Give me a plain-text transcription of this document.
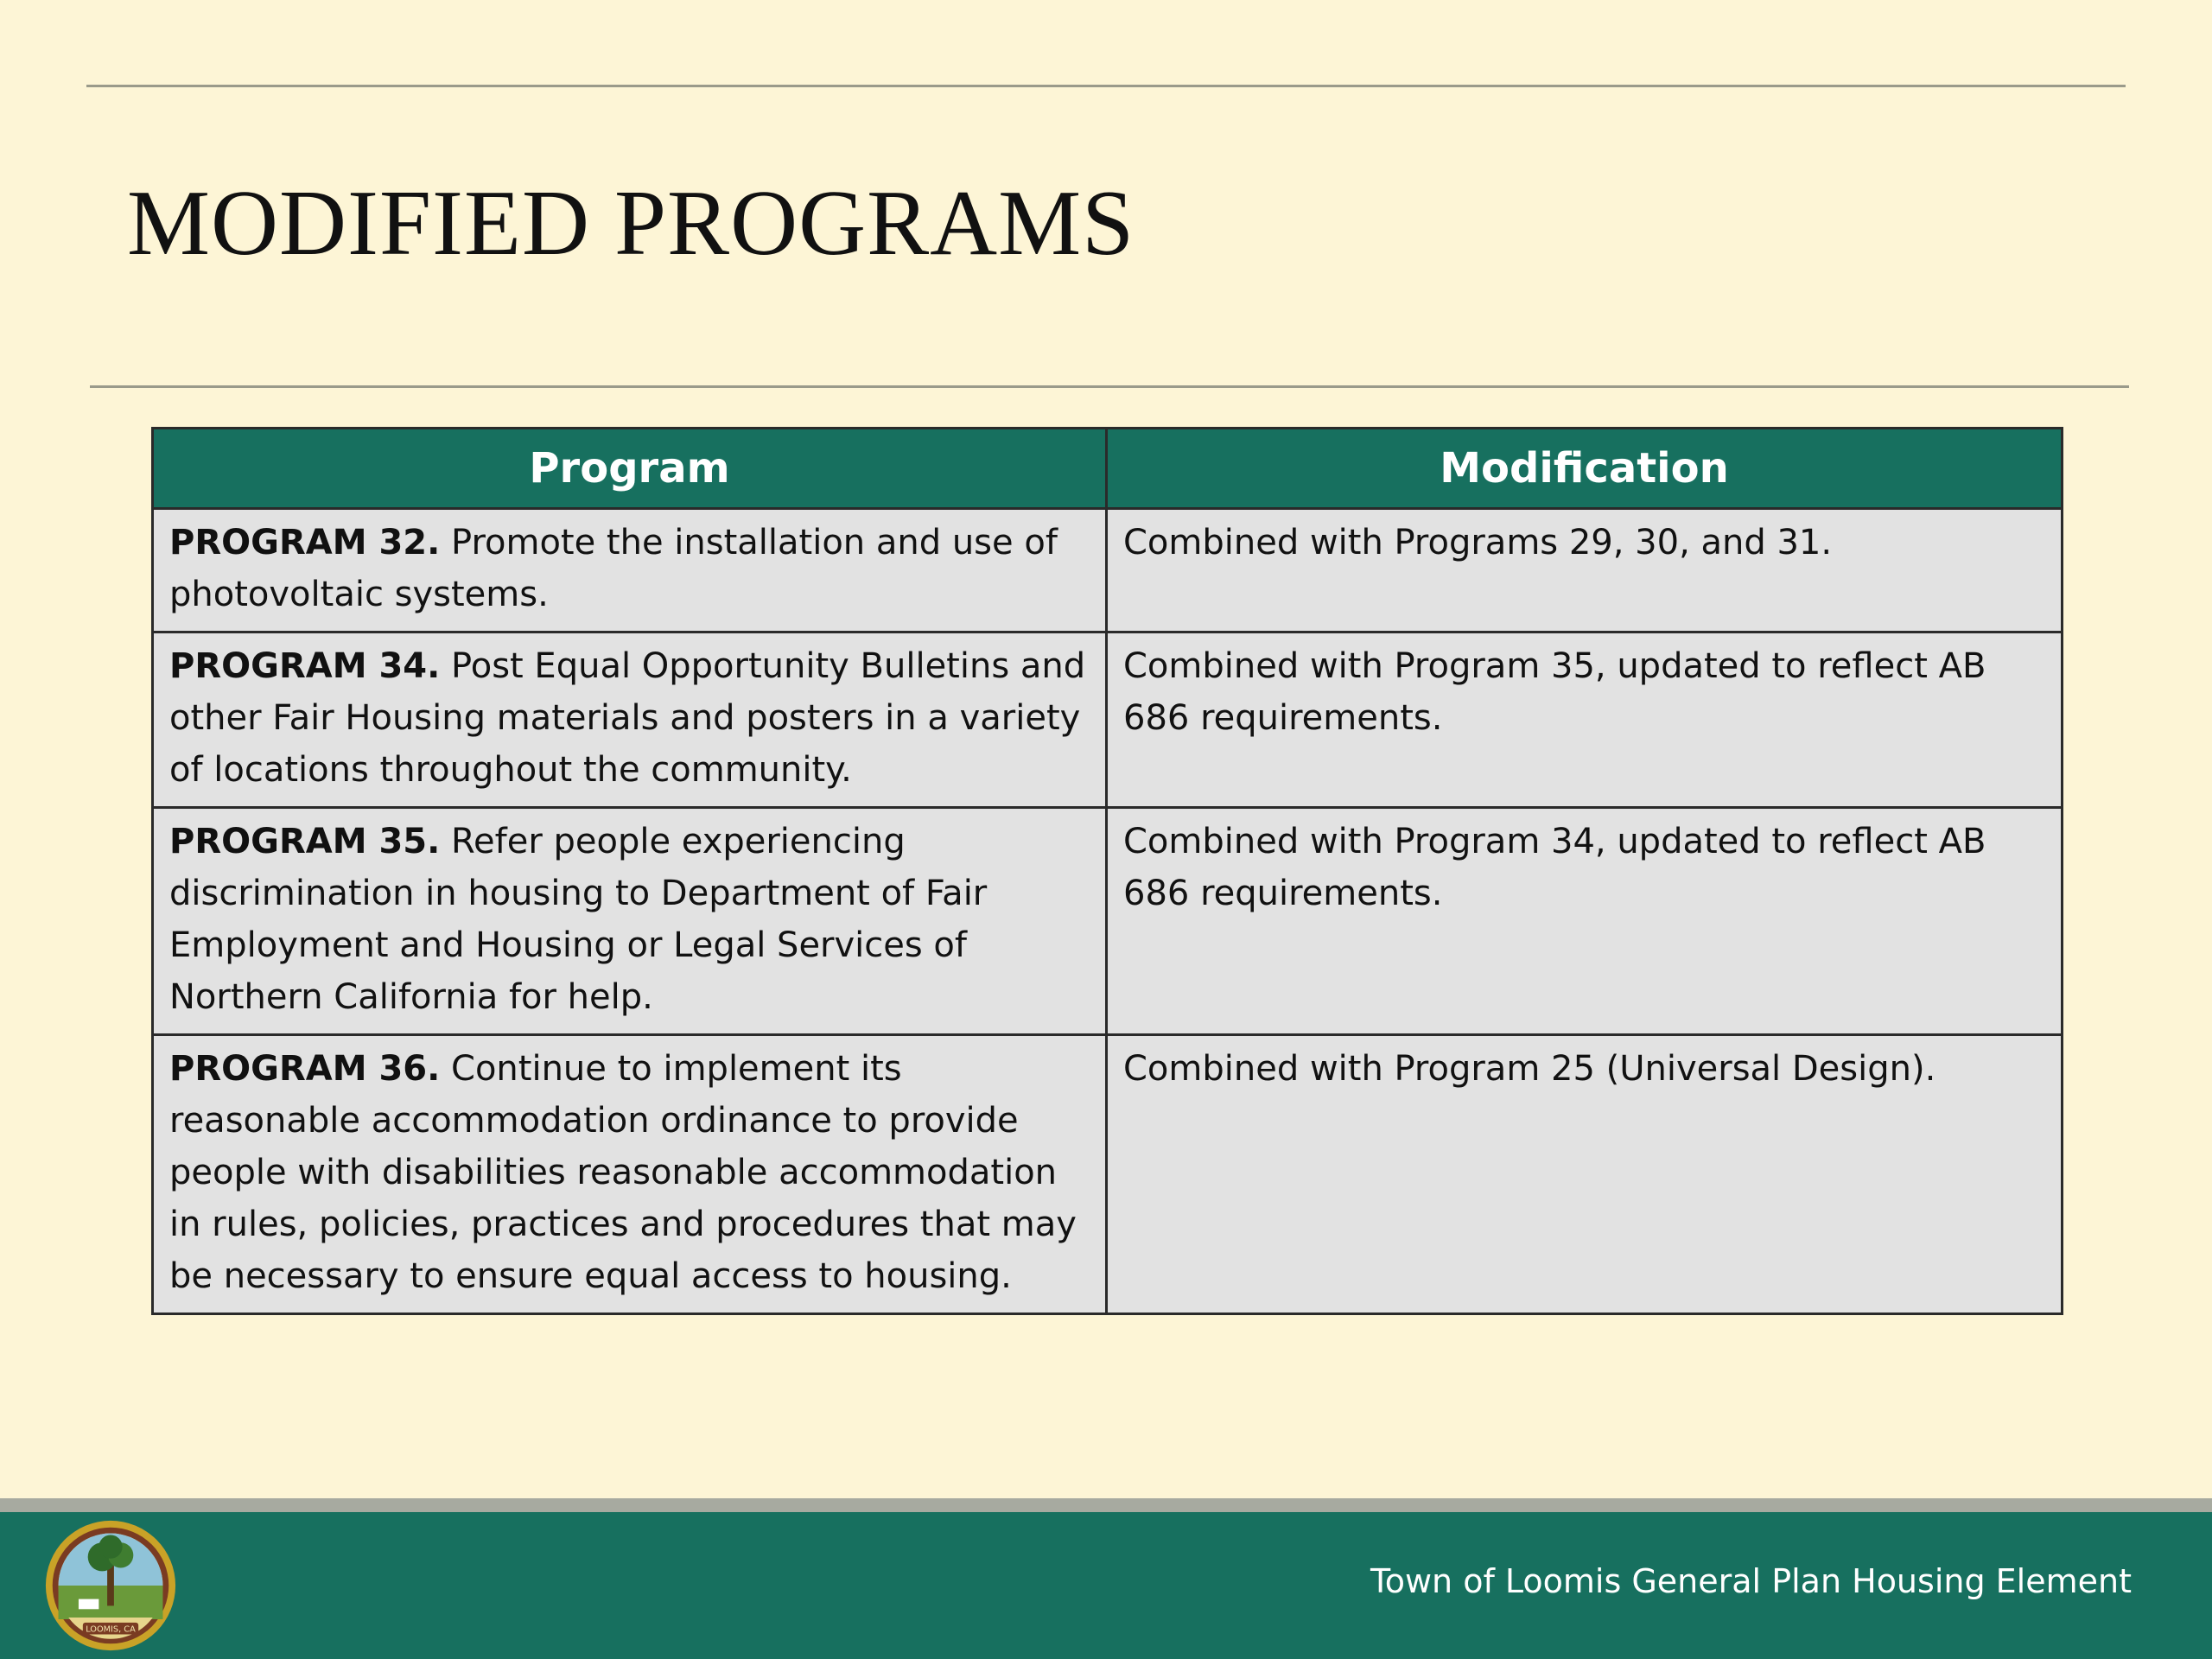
MODIFIED PROGRAMS
Program	Modification
PROGRAM 32. Promote the installation and use of photovoltaic systems.	Combined with Programs 29, 30, and 31.
PROGRAM 34. Post Equal Opportunity Bulletins and other Fair Housing materials and posters in a variety of locations throughout the community.	Combined with Program 35, updated to reflect AB 686 requirements.
PROGRAM 35. Refer people experiencing discrimination in housing to Department of Fair Employment and Housing or Legal Services of Northern California for help.	Combined with Program 34, updated to reflect AB 686 requirements.
PROGRAM 36. Continue to implement its reasonable accommodation ordinance to provide people with disabilities reasonable accommodation in rules, policies, practices and procedures that may be necessary to ensure equal access to housing.	Combined with Program 25 (Universal Design).
LOOMIS, CA
Town of Loomis General Plan Housing Element
